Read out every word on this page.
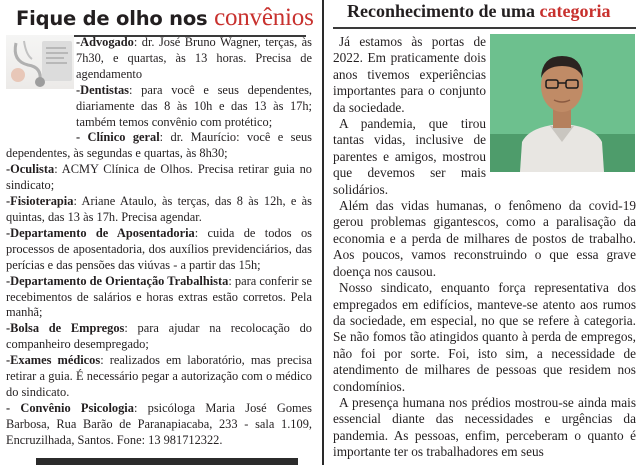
Fique de olho nos convênios

-Advogado: dr. José Bruno Wagner, terças, às 7h30, e quartas, às 13 horas. Precisa de agendamento

-Dentistas: para você e seus dependentes, diariamente das 8 às 10h e das 13 às 17h; também temos convênio com protético;

- Clínico geral: dr. Maurício: você e seus dependentes, às segundas e quartas, às 8h30;

-Oculista: ACMY Clínica de Olhos. Precisa retirar guia no sindicato;

-Fisioterapia: Ariane Ataulo, às terças, das 8 às 12h, e às quintas, das 13 às 17h. Precisa agendar.

-Departamento de Aposentadoria: cuida de todos os processos de aposentadoria, dos auxílios previdenciários, das perícias e das pensões das viúvas - a partir das 15h;

-Departamento de Orientação Trabalhista: para conferir se recebimentos de salários e horas extras estão corretos. Pela manhã;

-Bolsa de Empregos: para ajudar na recolocação do companheiro desempregado;

-Exames médicos: realizados em laboratório, mas precisa retirar a guia. É necessário pegar a autorização com o médico do sindicato.

- Convênio Psicologia: psicóloga Maria José Gomes Barbosa, Rua Barão de Paranapiacaba, 233 - sala 1.109, Encruzilhada, Santos. Fone: 13 981712322.

Reconhecimento de uma categoria

Já estamos às portas de 2022. Em praticamente dois anos tivemos experiências importantes para o conjunto da sociedade.

A pandemia, que tirou tantas vidas, inclusive de parentes e amigos, mostrou que devemos ser mais solidários.

Além das vidas humanas, o fenômeno da covid-19 gerou problemas gigantescos, como a paralisação da economia e a perda de milhares de postos de trabalho. Aos poucos, vamos reconstruindo o que essa grave doença nos causou.

Nosso sindicato, enquanto força representativa dos empregados em edifícios, manteve-se atento aos rumos da sociedade, em especial, no que se refere à categoria. Se não fomos tão atingidos quanto à perda de empregos, não foi por sorte. Foi, isto sim, a necessidade de atendimento de milhares de pessoas que residem nos condomínios.

A presença humana nos prédios mostrou-se ainda mais essencial diante das necessidades e urgências da pandemia. As pessoas, enfim, perceberam o quanto é importante ter os trabalhadores em seus
